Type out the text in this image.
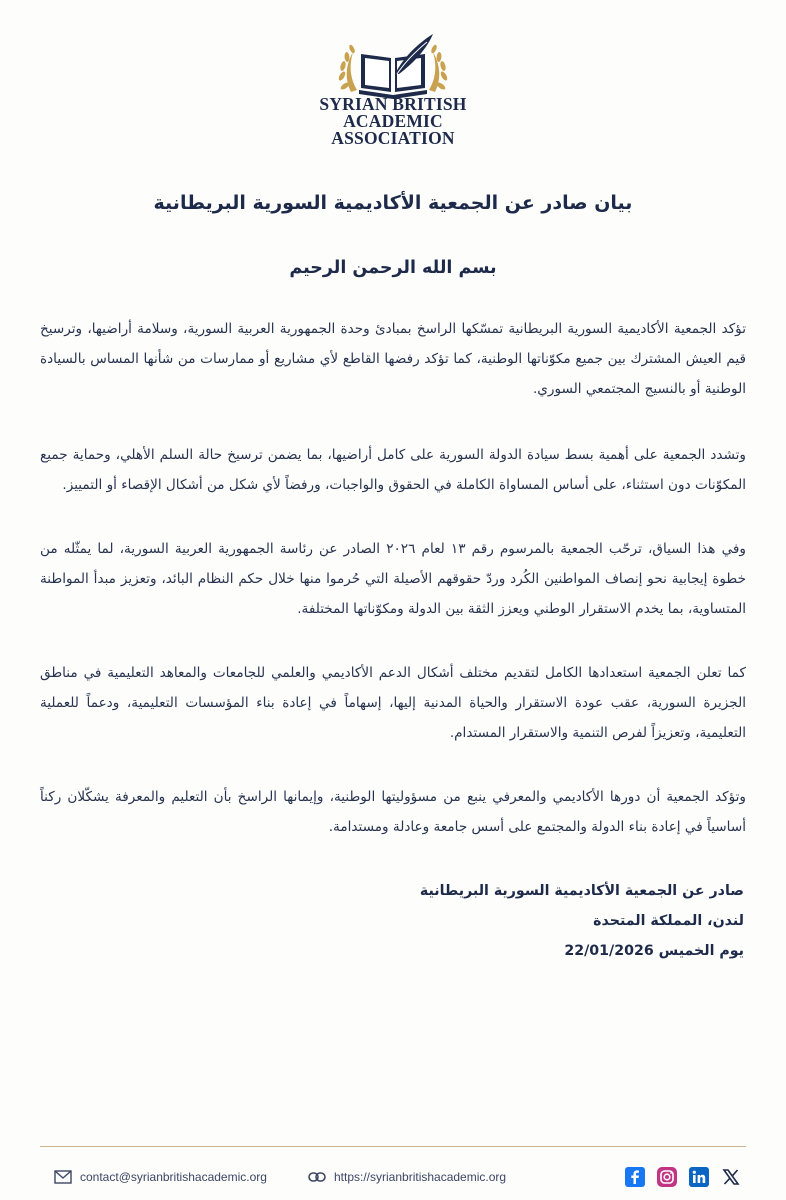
SYRIAN BRITISH
ACADEMIC
ASSOCIATION
بيان صادر عن الجمعية الأكاديمية السورية البريطانية
بسم الله الرحمن الرحيم

تؤكد الجمعية الأكاديمية السورية البريطانية تمسّكها الراسخ بمبادئ وحدة الجمهورية العربية السورية، وسلامة أراضيها، وترسيخ قيم العيش المشترك بين جميع مكوّناتها الوطنية، كما تؤكد رفضها القاطع لأي مشاريع أو ممارسات من شأنها المساس بالسيادة الوطنية أو بالنسيج المجتمعي السوري.

وتشدد الجمعية على أهمية بسط سيادة الدولة السورية على كامل أراضيها، بما يضمن ترسيخ حالة السلم الأهلي، وحماية جميع المكوّنات دون استثناء، على أساس المساواة الكاملة في الحقوق والواجبات، ورفضاً لأي شكل من أشكال الإقصاء أو التمييز.

وفي هذا السياق، ترحّب الجمعية بالمرسوم رقم ١٣ لعام ٢٠٢٦ الصادر عن رئاسة الجمهورية العربية السورية، لما يمثّله من خطوة إيجابية نحو إنصاف المواطنين الكُرد وردّ حقوقهم الأصيلة التي حُرموا منها خلال حكم النظام البائد، وتعزيز مبدأ المواطنة المتساوية، بما يخدم الاستقرار الوطني ويعزز الثقة بين الدولة ومكوّناتها المختلفة.

كما تعلن الجمعية استعدادها الكامل لتقديم مختلف أشكال الدعم الأكاديمي والعلمي للجامعات والمعاهد التعليمية في مناطق الجزيرة السورية، عقب عودة الاستقرار والحياة المدنية إليها، إسهاماً في إعادة بناء المؤسسات التعليمية، ودعماً للعملية التعليمية، وتعزيزاً لفرص التنمية والاستقرار المستدام.

وتؤكد الجمعية أن دورها الأكاديمي والمعرفي ينبع من مسؤوليتها الوطنية، وإيمانها الراسخ بأن التعليم والمعرفة يشكّلان ركناً أساسياً في إعادة بناء الدولة والمجتمع على أسس جامعة وعادلة ومستدامة.

صادر عن الجمعية الأكاديمية السورية البريطانية
لندن، المملكة المتحدة
يوم الخميس 22/01/2026
contact@syrianbritishacademic.org	https://syrianbritishacademic.org
